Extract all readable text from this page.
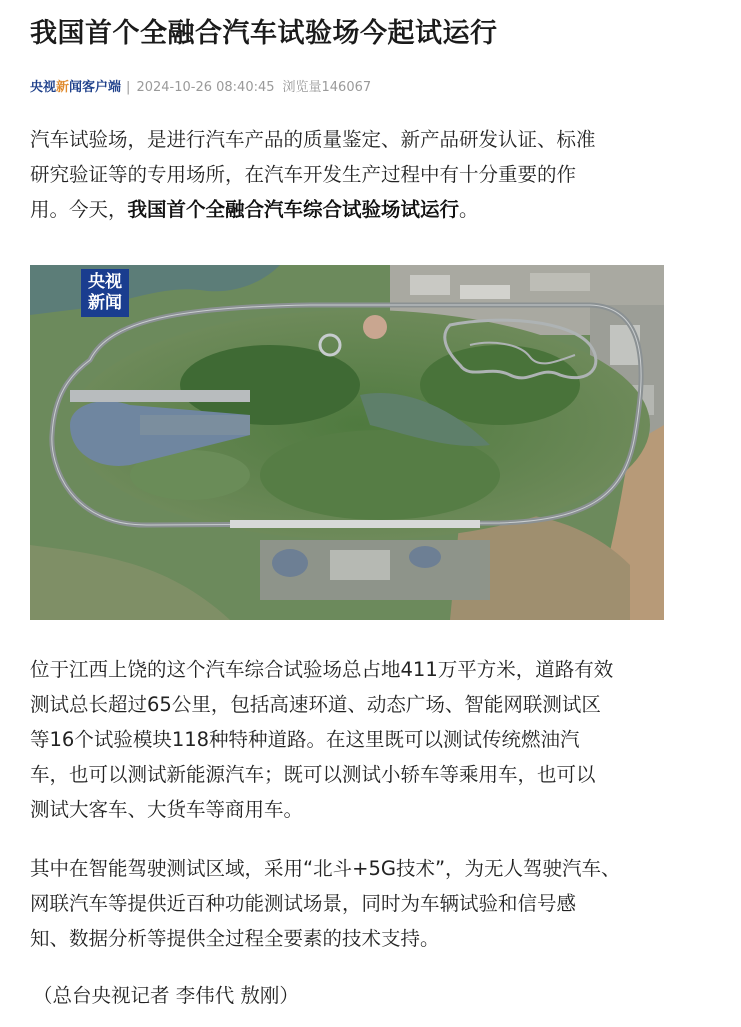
我国首个全融合汽车试验场今起试运行
央视新闻客户端 | 2024-10-26 08:40:45 浏览量146067

汽车试验场，是进行汽车产品的质量鉴定、新产品研发认证、标准
研究验证等的专用场所，在汽车开发生产过程中有十分重要的作
用。今天，我国首个全融合汽车综合试验场试运行。

央视
新闻

位于江西上饶的这个汽车综合试验场总占地411万平方米，道路有效
测试总长超过65公里，包括高速环道、动态广场、智能网联测试区
等16个试验模块118种特种道路。在这里既可以测试传统燃油汽
车，也可以测试新能源汽车；既可以测试小轿车等乘用车，也可以
测试大客车、大货车等商用车。

其中在智能驾驶测试区域，采用“北斗+5G技术”，为无人驾驶汽车、
网联汽车等提供近百种功能测试场景，同时为车辆试验和信号感
知、数据分析等提供全过程全要素的技术支持。

（总台央视记者 李伟代 敖刚）
